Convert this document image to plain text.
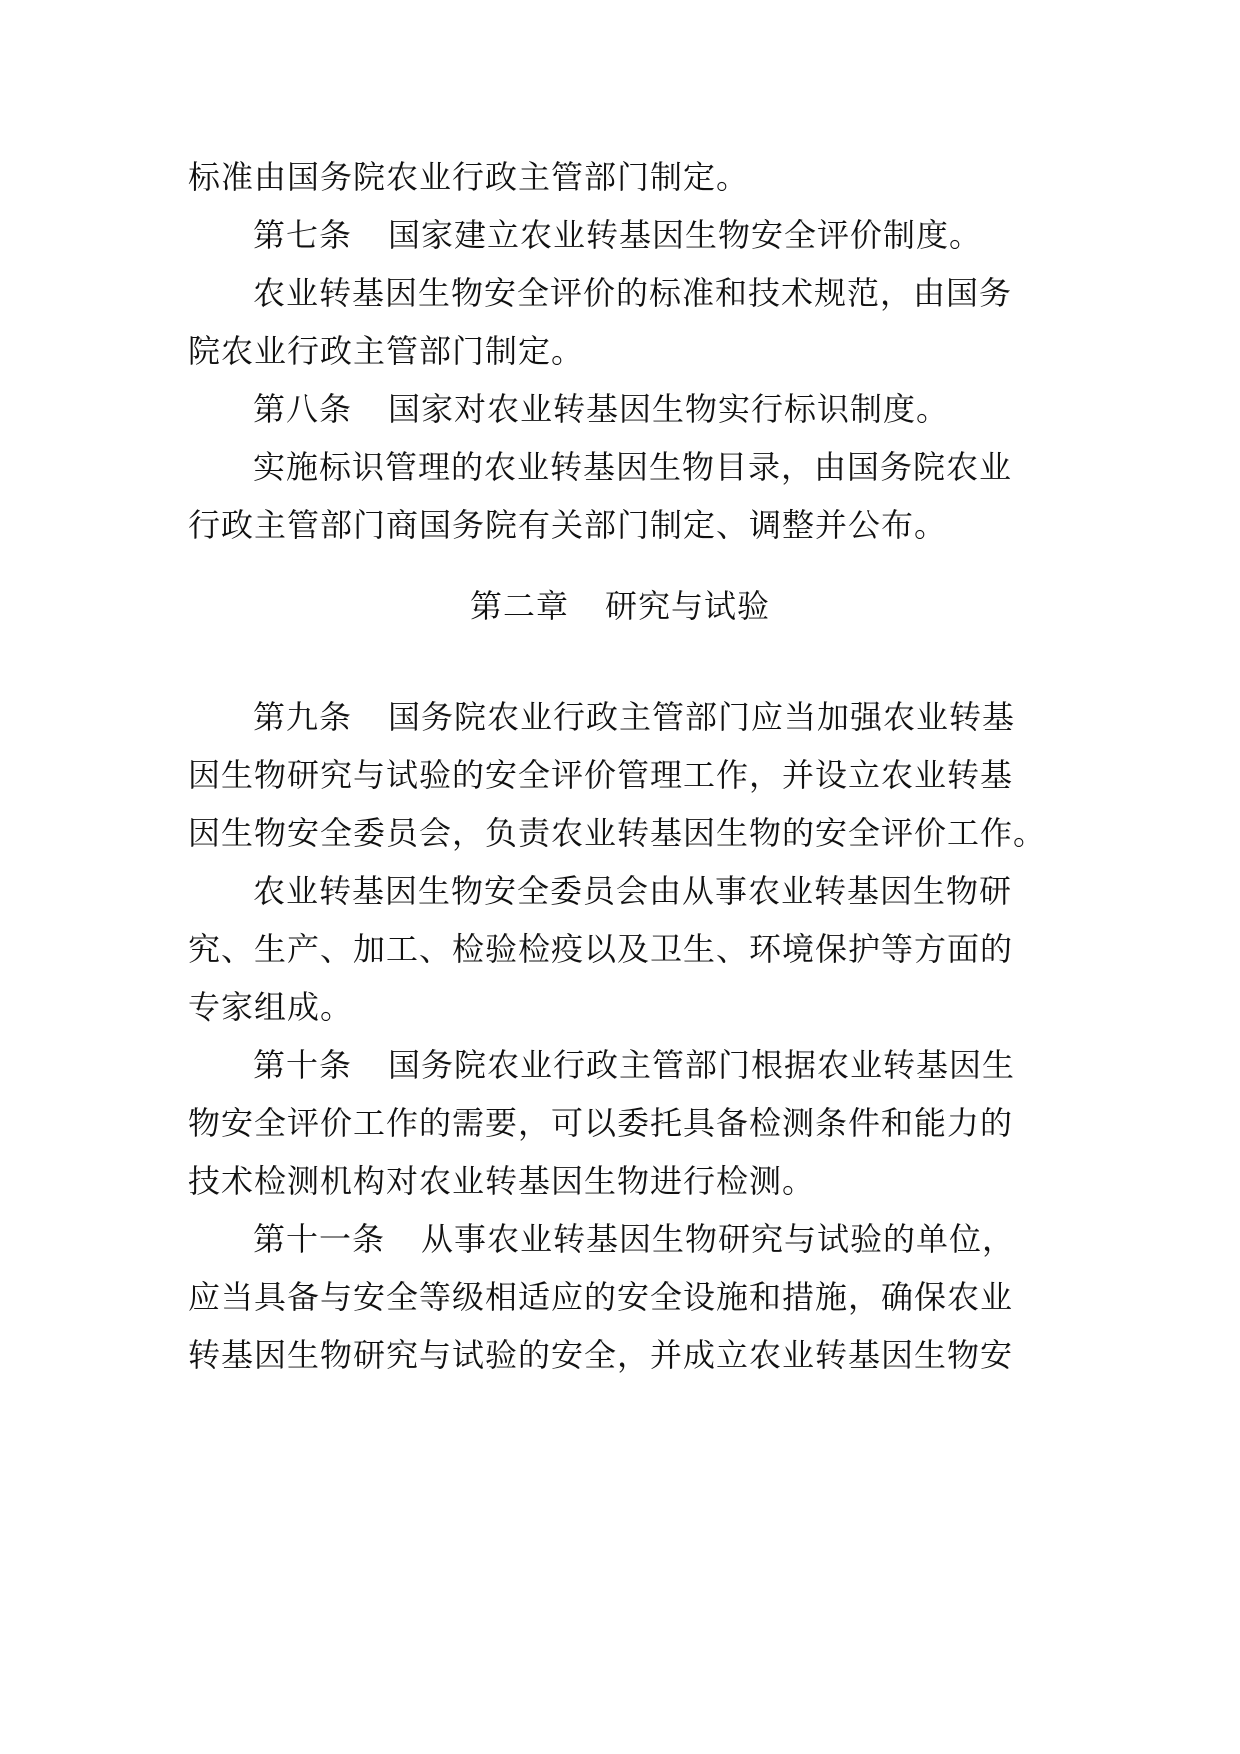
标准由国务院农业行政主管部门制定。
第七条 国家建立农业转基因生物安全评价制度。
农业转基因生物安全评价的标准和技术规范，由国务
院农业行政主管部门制定。
第八条 国家对农业转基因生物实行标识制度。
实施标识管理的农业转基因生物目录，由国务院农业
行政主管部门商国务院有关部门制定、调整并公布。
第二章 研究与试验
第九条 国务院农业行政主管部门应当加强农业转基
因生物研究与试验的安全评价管理工作，并设立农业转基
因生物安全委员会，负责农业转基因生物的安全评价工作。
农业转基因生物安全委员会由从事农业转基因生物研
究、生产、加工、检验检疫以及卫生、环境保护等方面的
专家组成。
第十条 国务院农业行政主管部门根据农业转基因生
物安全评价工作的需要，可以委托具备检测条件和能力的
技术检测机构对农业转基因生物进行检测。
第十一条 从事农业转基因生物研究与试验的单位，
应当具备与安全等级相适应的安全设施和措施，确保农业
转基因生物研究与试验的安全，并成立农业转基因生物安
